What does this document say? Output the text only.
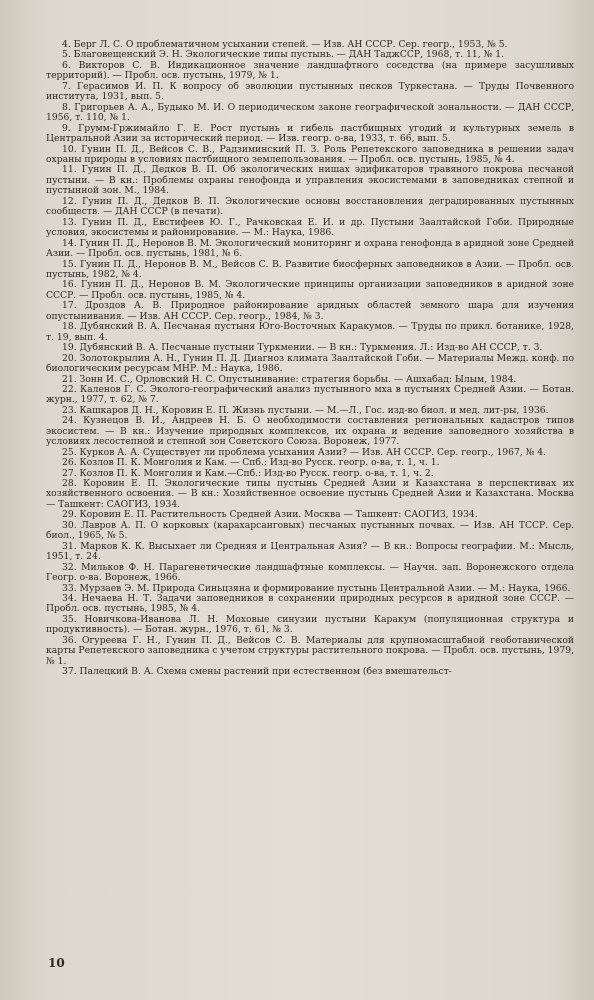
4. Берг Л. С. О проблематичном усыхании степей. — Изв. АН СССР. Сер. геогр., 1953, № 5.

5. Благовещенский Э. Н. Экологические типы пустынь. — ДАН ТаджССР, 1968, т. 11, № 1.

6. Викторов С. В. Индикационное значение ландшафтного соседства (на примере засушливых территорий). — Пробл. осв. пустынь, 1979, № 1.

7. Герасимов И. П. К вопросу об эволюции пустынных песков Туркестана. — Труды Почвенного института, 1931, вып. 5.

8. Григорьев А. А., Будыко М. И. О периодическом законе географической зональности. — ДАН СССР, 1956, т. 110, № 1.

9. Грумм-Гржимайло Г. Е. Рост пустынь и гибель пастбищных угодий и культурных земель в Центральной Азии за исторический период. — Изв. геогр. о-ва, 1933, т. 66, вып. 5.

10. Гунин П. Д., Вейсов С. В., Радзиминский П. З. Роль Репетекского заповедника в решении задач охраны природы в условиях пастбищного землепользования. — Пробл. осв. пустынь, 1985, № 4.

11. Гунин П. Д., Дедков В. П. Об экологических нишах эдификаторов травяного покрова песчаной пустыни. — В кн.: Проблемы охраны генофонда и управления экосистемами в заповедниках степной и пустынной зон. М., 1984.

12. Гунин П. Д., Дедков В. П. Экологические основы восстановления деградированных пустынных сообществ. — ДАН СССР (в печати).

13. Гунин П. Д., Евстифеев Ю. Г., Рачковская Е. И. и др. Пустыни Заалтайской Гоби. Природные условия, экосистемы и районирование. — М.: Наука, 1986.

14. Гунин П. Д., Неронов В. М. Экологический мониторинг и охрана генофонда в аридной зоне Средней Азии. — Пробл. осв. пустынь, 1981, № 6.

15. Гунин П. Д., Неронов В. М., Вейсов С. В. Развитие биосферных заповедников в Азии. — Пробл. осв. пустынь, 1982, № 4.

16. Гунин П. Д., Неронов В. М. Экологические принципы организации заповедников в аридной зоне СССР. — Пробл. осв. пустынь, 1985, № 4.

17. Дроздов А. В. Природное районирование аридных областей земного шара для изучения опустынивания. — Изв. АН СССР. Сер. геогр., 1984, № 3.

18. Дубянский В. А. Песчаная пустыня Юго-Восточных Каракумов. — Труды по прикл. ботанике, 1928, т. 19, вып. 4.

19. Дубянский В. А. Песчаные пустыни Туркмении. — В кн.: Туркмения. Л.: Изд-во АН СССР, т. 3.

20. Золотокрылин А. Н., Гунин П. Д. Диагноз климата Заалтайской Гоби. — Материалы Межд. конф. по биологическим ресурсам МНР. М.: Наука, 1986.

21. Зонн И. С., Орловский Н. С. Опустынивание: стратегия борьбы. — Ашхабад: Ылым, 1984.

22. Каленов Г. С. Эколого-географический анализ пустынного мха в пустынях Средней Азии. — Ботан. журн., 1977, т. 62, № 7.

23. Кашкаров Д. Н., Коровин Е. П. Жизнь пустыни. — М.—Л., Гос. изд-во биол. и мед. лит-ры, 1936.

24. Кузнецов В. И., Андреев Н. Б. О необходимости составления региональных кадастров типов экосистем. — В кн.: Изучение природных комплексов, их охрана и ведение заповедного хозяйства в условиях лесостепной и степной зон Советского Союза. Воронеж, 1977.

25. Курков А. А. Существует ли проблема усыхания Азии? — Изв. АН СССР. Сер. геогр., 1967, № 4.

26. Козлов П. К. Монголия и Кам. — Спб.: Изд-во Русск. геогр. о-ва, т. 1, ч. 1.

27. Козлов П. К. Монголия и Кам.—Спб.: Изд-во Русск. геогр. о-ва, т. 1, ч. 2.

28. Коровин Е. П. Экологические типы пустынь Средней Азии и Казахстана в перспективах их хозяйственного освоения. — В кн.: Хозяйственное освоение пустынь Средней Азии и Казахстана. Москва — Ташкент: САОГИЗ, 1934.

29. Коровин Е. П. Растительность Средней Азии. Москва — Ташкент: САОГИЗ, 1934.

30. Лавров А. П. О корковых (карахарсанговых) песчаных пустынных почвах. — Изв. АН ТССР. Сер. биол., 1965, № 5.

31. Марков К. К. Высыхает ли Средняя и Центральная Азия? — В кн.: Вопросы географии. М.: Мысль, 1951, т. 24.

32. Мильков Ф. Н. Парагенетические ландшафтные комплексы. — Научн. зап. Воронежского отдела Геогр. о-ва. Воронеж, 1966.

33. Мурзаев Э. М. Природа Синьцзяна и формирование пустынь Центральной Азии. — М.: Наука, 1966.

34. Нечаева Н. Т. Задачи заповедников в сохранении природных ресурсов в аридной зоне СССР. — Пробл. осв. пустынь, 1985, № 4.

35. Новичкова-Иванова Л. Н. Моховые синузии пустыни Каракум (популяционная структура и продуктивность). — Ботан. журн., 1976, т. 61, № 3.

36. Огуреева Г. Н., Гунин П. Д., Вейсов С. В. Материалы для крупномасштабной геоботанической карты Репетекского заповедника с учетом структуры растительного покрова. — Пробл. осв. пустынь, 1979, № 1.

37. Палецкий В. А. Схема смены растений при естественном (без вмешательст-

10
